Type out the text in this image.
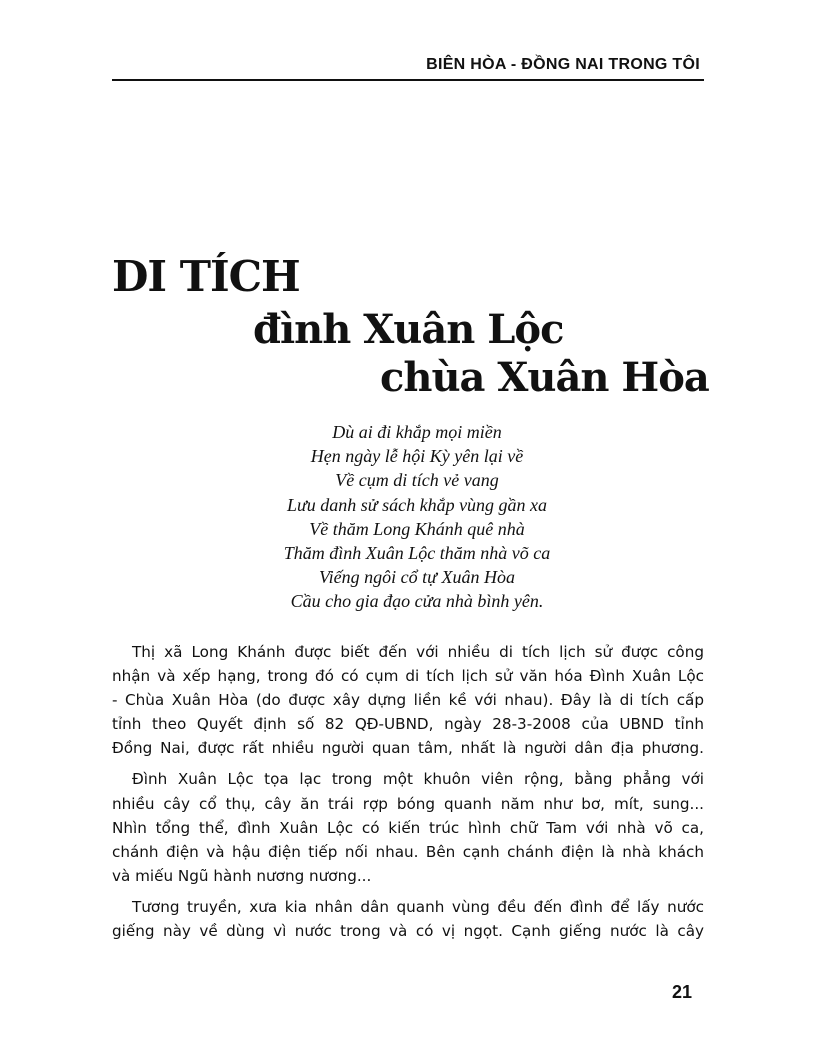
BIÊN HÒA - ĐỒNG NAI TRONG TÔI
DI TÍCH
đình Xuân Lộc
chùa Xuân Hòa
Dù ai đi khắp mọi miền
Hẹn ngày lễ hội Kỳ yên lại về
Về cụm di tích vẻ vang
Lưu danh sử sách khắp vùng gần xa
Về thăm Long Khánh quê nhà
Thăm đình Xuân Lộc thăm nhà võ ca
Viếng ngôi cổ tự Xuân Hòa
Cầu cho gia đạo cửa nhà bình yên.
Thị xã Long Khánh được biết đến với nhiều di tích lịch sử được công
nhận và xếp hạng, trong đó có cụm di tích lịch sử văn hóa Đình Xuân Lộc
- Chùa Xuân Hòa (do được xây dựng liền kề với nhau). Đây là di tích cấp
tỉnh theo Quyết định số 82 QĐ-UBND, ngày 28-3-2008 của UBND tỉnh
Đồng Nai, được rất nhiều người quan tâm, nhất là người dân địa phương.
Đình Xuân Lộc tọa lạc trong một khuôn viên rộng, bằng phẳng với
nhiều cây cổ thụ, cây ăn trái rợp bóng quanh năm như bơ, mít, sung...
Nhìn tổng thể, đình Xuân Lộc có kiến trúc hình chữ Tam với nhà võ ca,
chánh điện và hậu điện tiếp nối nhau. Bên cạnh chánh điện là nhà khách
và miếu Ngũ hành nương nương...
Tương truyền, xưa kia nhân dân quanh vùng đều đến đình để lấy nước
giếng này về dùng vì nước trong và có vị ngọt. Cạnh giếng nước là cây
21
